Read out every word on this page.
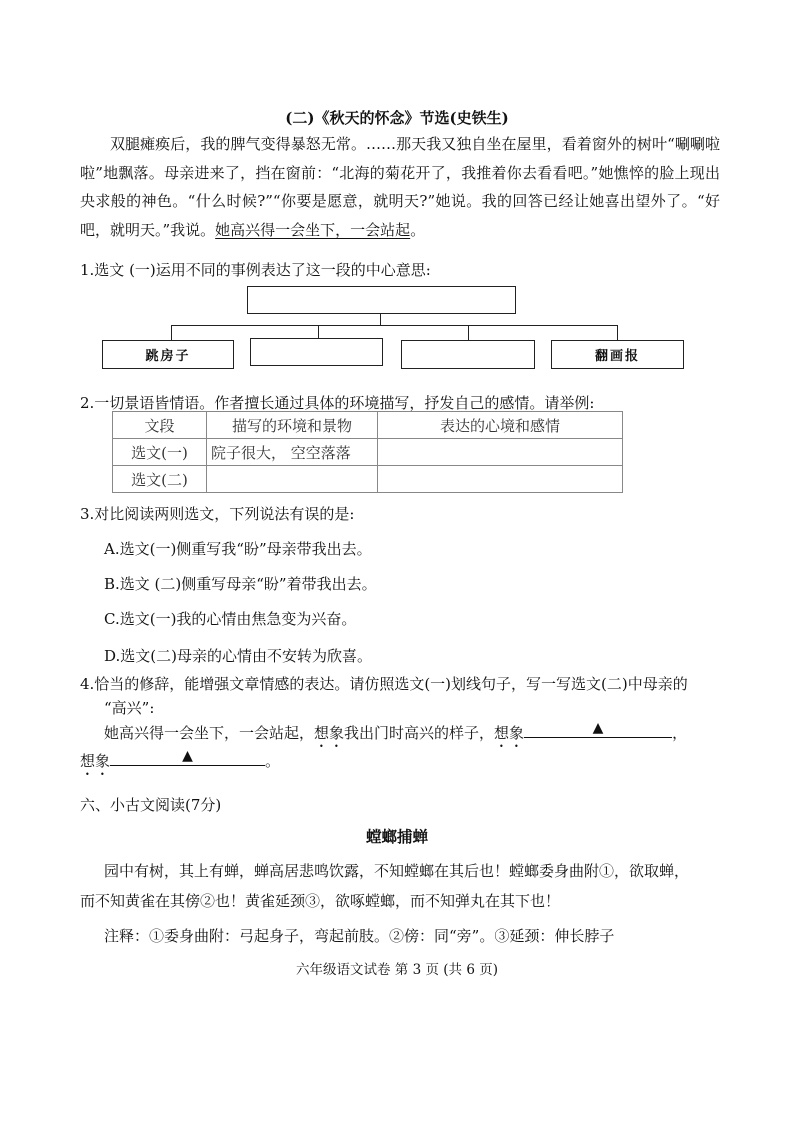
(二)《秋天的怀念》节选(史铁生)
双腿瘫痪后，我的脾气变得暴怒无常。……那天我又独自坐在屋里，看着窗外的树叶“唰唰啦啦”地飘落。母亲进来了，挡在窗前：“北海的菊花开了，我推着你去看看吧。”她憔悴的脸上现出央求般的神色。“什么时候?”“你要是愿意，就明天?”她说。我的回答已经让她喜出望外了。“好吧，就明天。”我说。她高兴得一会坐下，一会站起。
1.选文 (一)运用不同的事例表达了这一段的中心意思:
跳房子	翻画报
2.一切景语皆情语。作者擅长通过具体的环境描写，抒发自己的感情。请举例:
文段	描写的环境和景物	表达的心境和感情
选文(一)	院子很大， 空空落落	
选文(二)		
3.对比阅读两则选文，下列说法有误的是:
A.选文(一)侧重写我“盼”母亲带我出去。
B.选文 (二)侧重写母亲“盼”着带我出去。
C.选文(一)我的心情由焦急变为兴奋。
D.选文(二)母亲的心情由不安转为欣喜。
4.恰当的修辞，能增强文章情感的表达。请仿照选文(一)划线句子，写一写选文(二)中母亲的
“高兴”:
她高兴得一会坐下，一会站起，想象我出门时高兴的样子，想象	▲	，
想象	▲	。
六、小古文阅读(7分)
螳螂捕蝉
园中有树，其上有蝉，蝉高居悲鸣饮露，不知螳螂在其后也！螳螂委身曲附①，欲取蝉，
而不知黄雀在其傍②也！黄雀延颈③，欲啄螳螂，而不知弹丸在其下也！
注释：①委身曲附：弓起身子，弯起前肢。②傍：同“旁”。③延颈：伸长脖子
六年级语文试卷 第 3 页 (共 6 页)
